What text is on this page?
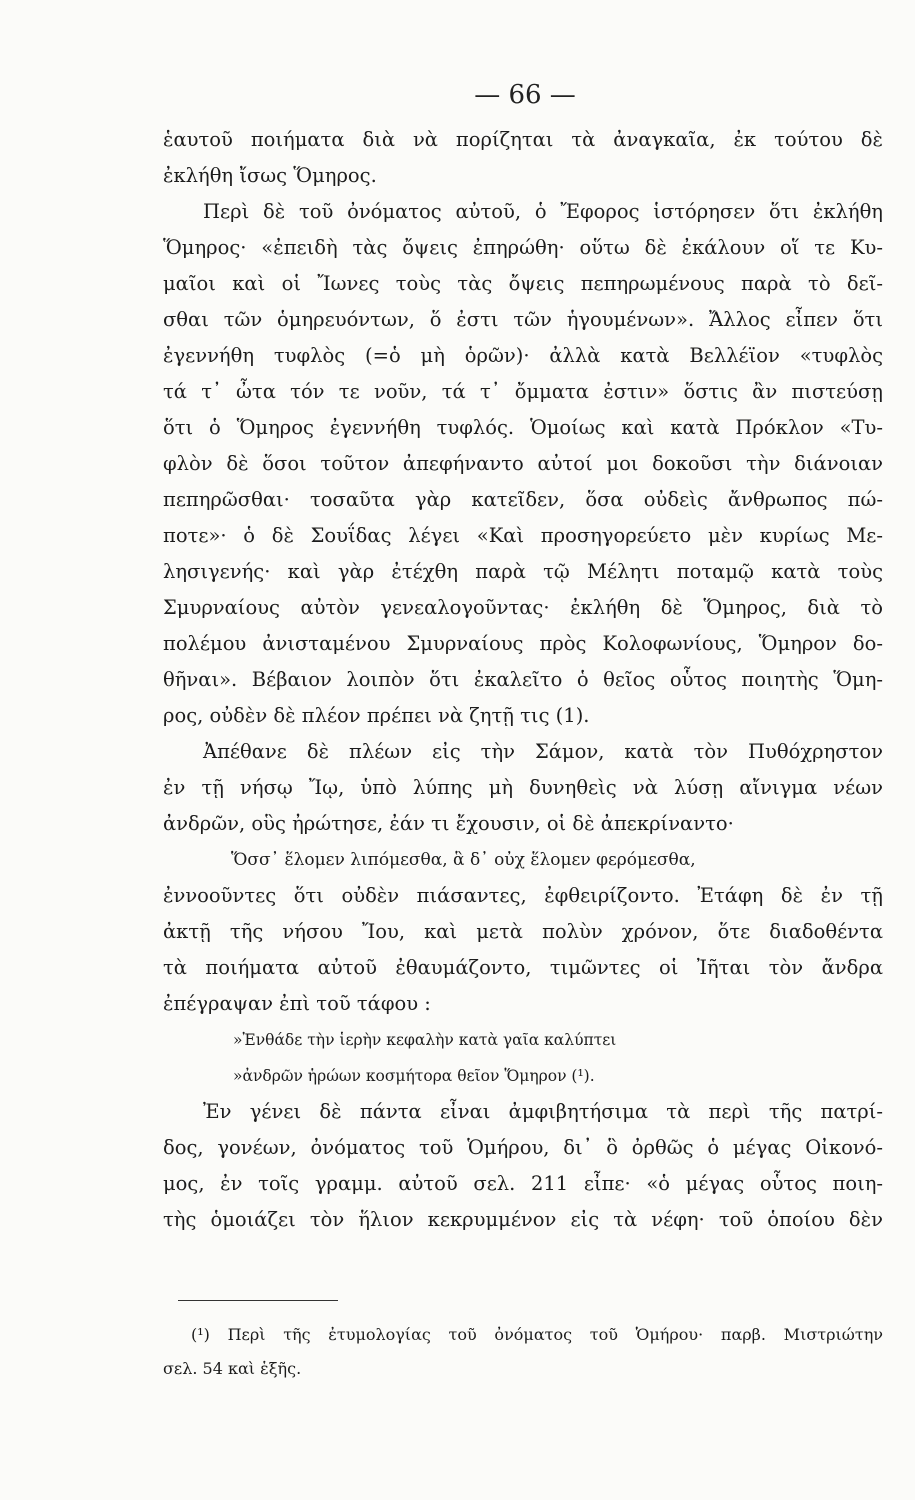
— 66 —
ἑαυτοῦ ποιήματα διὰ νὰ πορίζηται τὰ ἀναγκαῖα, ἐκ τούτου δὲ
ἐκλήθη ἴσως Ὅμηρος.
Περὶ δὲ τοῦ ὀνόματος αὐτοῦ, ὁ Ἔφορος ἱστόρησεν ὅτι ἐκλήθη
Ὅμηρος· «ἐπειδὴ τὰς ὄψεις ἐπηρώθη· οὕτω δὲ ἐκάλουν οἵ τε Κυ-
μαῖοι καὶ οἱ Ἴωνες τοὺς τὰς ὄψεις πεπηρωμένους παρὰ τὸ δεῖ-
σθαι τῶν ὁμηρευόντων, ὅ ἐστι τῶν ἡγουμένων». Ἄλλος εἶπεν ὅτι
ἐγεννήθη τυφλὸς (=ὁ μὴ ὁρῶν)· ἀλλὰ κατὰ Βελλέϊον «τυφλὸς
τά τ᾽ ὦτα τόν τε νοῦν, τά τ᾽ ὄμματα ἐστιν» ὅστις ἂν πιστεύσῃ
ὅτι ὁ Ὅμηρος ἐγεννήθη τυφλός. Ὁμοίως καὶ κατὰ Πρόκλον «Τυ-
φλὸν δὲ ὅσοι τοῦτον ἀπεφήναντο αὐτοί μοι δοκοῦσι τὴν διάνοιαν
πεπηρῶσθαι· τοσαῦτα γὰρ κατεῖδεν, ὅσα οὐδεὶς ἄνθρωπος πώ-
ποτε»· ὁ δὲ Σουΐδας λέγει «Καὶ προσηγορεύετο μὲν κυρίως Με-
λησιγενής· καὶ γὰρ ἐτέχθη παρὰ τῷ Μέλητι ποταμῷ κατὰ τοὺς
Σμυρναίους αὐτὸν γενεαλογοῦντας· ἐκλήθη δὲ Ὅμηρος, διὰ τὸ
πολέμου ἀνισταμένου Σμυρναίους πρὸς Κολοφωνίους, Ὅμηρον δο-
θῆναι». Βέβαιον λοιπὸν ὅτι ἐκαλεῖτο ὁ θεῖος οὗτος ποιητὴς Ὅμη-
ρος, οὐδὲν δὲ πλέον πρέπει νὰ ζητῇ τις (1).
Ἀπέθανε δὲ πλέων εἰς τὴν Σάμον, κατὰ τὸν Πυθόχρηστον
ἐν τῇ νήσῳ Ἴῳ, ὑπὸ λύπης μὴ δυνηθεὶς νὰ λύσῃ αἴνιγμα νέων
ἀνδρῶν, οὓς ἠρώτησε, ἐάν τι ἔχουσιν, οἱ δὲ ἀπεκρίναντο·
Ὅσσ᾽ ἕλομεν λιπόμεσθα, ἃ δ᾽ οὐχ ἕλομεν φερόμεσθα,
ἐννοοῦντες ὅτι οὐδὲν πιάσαντες, ἐφθειρίζοντο. Ἐτάφη δὲ ἐν τῇ
ἀκτῇ τῆς νήσου Ἴου, καὶ μετὰ πολὺν χρόνον, ὅτε διαδοθέντα
τὰ ποιήματα αὐτοῦ ἐθαυμάζοντο, τιμῶντες οἱ Ἰῆται τὸν ἄνδρα
ἐπέγραψαν ἐπὶ τοῦ τάφου :
»Ἐνθάδε τὴν ἱερὴν κεφαλὴν κατὰ γαῖα καλύπτει
»ἀνδρῶν ἡρώων κοσμήτορα θεῖον Ὅμηρον (¹).
Ἐν γένει δὲ πάντα εἶναι ἀμφιβητήσιμα τὰ περὶ τῆς πατρί-
δος, γονέων, ὀνόματος τοῦ Ὁμήρου, δι᾽ ὃ ὀρθῶς ὁ μέγας Οἰκονό-
μος, ἐν τοῖς γραμμ. αὐτοῦ σελ. 211 εἶπε· «ὁ μέγας οὗτος ποιη-
τὴς ὁμοιάζει τὸν ἥλιον κεκρυμμένον εἰς τὰ νέφη· τοῦ ὁποίου δὲν
(¹) Περὶ τῆς ἐτυμολογίας τοῦ ὀνόματος τοῦ Ὁμήρου· παρβ. Μιστριώτην
σελ. 54 καὶ ἑξῆς.
